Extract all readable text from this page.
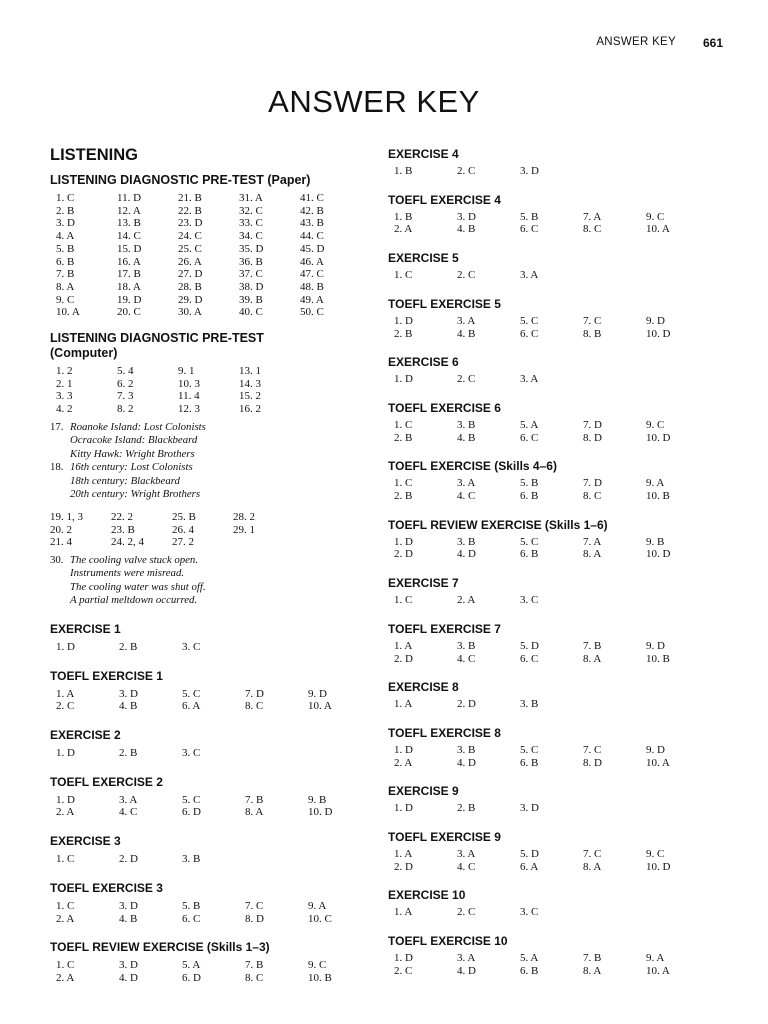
ANSWER KEY 661
ANSWER KEY
LISTENING
LISTENING DIAGNOSTIC PRE-TEST (Paper)
1. C	11. D	21. B	31. A	41. C
2. B	12. A	22. B	32. C	42. B
3. D	13. B	23. D	33. C	43. B
4. A	14. C	24. C	34. C	44. C
5. B	15. D	25. C	35. D	45. D
6. B	16. A	26. A	36. B	46. A
7. B	17. B	27. D	37. C	47. C
8. A	18. A	28. B	38. D	48. B
9. C	19. D	29. D	39. B	49. A
10. A	20. C	30. A	40. C	50. C
LISTENING DIAGNOSTIC PRE-TEST
(Computer)
1. 2	5. 4	9. 1	13. 1
2. 1	6. 2	10. 3	14. 3
3. 3	7. 3	11. 4	15. 2
4. 2	8. 2	12. 3	16. 2
17. Roanoke Island: Lost Colonists
Ocracoke Island: Blackbeard
Kitty Hawk: Wright Brothers
18. 16th century: Lost Colonists
18th century: Blackbeard
20th century: Wright Brothers
19. 1, 3	22. 2	25. B	28. 2
20. 2	23. B	26. 4	29. 1
21. 4	24. 2, 4	27. 2
30. The cooling valve stuck open.
Instruments were misread.
The cooling water was shut off.
A partial meltdown occurred.
EXERCISE 1
1. D	2. B	3. C
TOEFL EXERCISE 1
1. A	3. D	5. C	7. D	9. D
2. C	4. B	6. A	8. C	10. A
EXERCISE 2
1. D	2. B	3. C
TOEFL EXERCISE 2
1. D	3. A	5. C	7. B	9. B
2. A	4. C	6. D	8. A	10. D
EXERCISE 3
1. C	2. D	3. B
TOEFL EXERCISE 3
1. C	3. D	5. B	7. C	9. A
2. A	4. B	6. C	8. D	10. C
TOEFL REVIEW EXERCISE (Skills 1–3)
1. C	3. D	5. A	7. B	9. C
2. A	4. D	6. D	8. C	10. B
EXERCISE 4
1. B	2. C	3. D
TOEFL EXERCISE 4
1. B	3. D	5. B	7. A	9. C
2. A	4. B	6. C	8. C	10. A
EXERCISE 5
1. C	2. C	3. A
TOEFL EXERCISE 5
1. D	3. A	5. C	7. C	9. D
2. B	4. B	6. C	8. B	10. D
EXERCISE 6
1. D	2. C	3. A
TOEFL EXERCISE 6
1. C	3. B	5. A	7. D	9. C
2. B	4. B	6. C	8. D	10. D
TOEFL EXERCISE (Skills 4–6)
1. C	3. A	5. B	7. D	9. A
2. B	4. C	6. B	8. C	10. B
TOEFL REVIEW EXERCISE (Skills 1–6)
1. D	3. B	5. C	7. A	9. B
2. D	4. D	6. B	8. A	10. D
EXERCISE 7
1. C	2. A	3. C
TOEFL EXERCISE 7
1. A	3. B	5. D	7. B	9. D
2. D	4. C	6. C	8. A	10. B
EXERCISE 8
1. A	2. D	3. B
TOEFL EXERCISE 8
1. D	3. B	5. C	7. C	9. D
2. A	4. D	6. B	8. D	10. A
EXERCISE 9
1. D	2. B	3. D
TOEFL EXERCISE 9
1. A	3. A	5. D	7. C	9. C
2. D	4. C	6. A	8. A	10. D
EXERCISE 10
1. A	2. C	3. C
TOEFL EXERCISE 10
1. D	3. A	5. A	7. B	9. A
2. C	4. D	6. B	8. A	10. A
